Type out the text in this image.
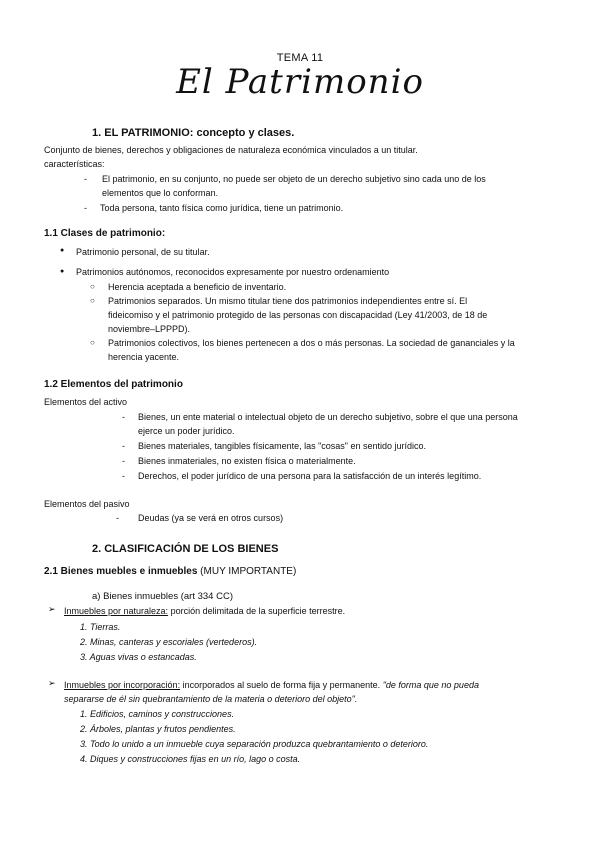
TEMA 11
El Patrimonio
1. EL PATRIMONIO: concepto y clases.
Conjunto de bienes, derechos y obligaciones de naturaleza económica vinculados a un titular.
características:
- El patrimonio, en su conjunto, no puede ser objeto de un derecho subjetivo sino cada uno de los
elementos que lo conforman.
- Toda persona, tanto física como jurídica, tiene un patrimonio.
1.1 Clases de patrimonio:
● Patrimonio personal, de su titular.
● Patrimonios autónomos, reconocidos expresamente por nuestro ordenamiento
○ Herencia aceptada a beneficio de inventario.
○ Patrimonios separados. Un mismo titular tiene dos patrimonios independientes entre sí. El
fideicomiso y el patrimonio protegido de las personas con discapacidad (Ley 41/2003, de 18 de
noviembre–LPPPD).
○ Patrimonios colectivos, los bienes pertenecen a dos o más personas. La sociedad de gananciales y la
herencia yacente.
1.2 Elementos del patrimonio
Elementos del activo
- Bienes, un ente material o intelectual objeto de un derecho subjetivo, sobre el que una persona
ejerce un poder jurídico.
- Bienes materiales, tangibles físicamente, las "cosas" en sentido jurídico.
- Bienes inmateriales, no existen física o materialmente.
- Derechos, el poder jurídico de una persona para la satisfacción de un interés legítimo.
Elementos del pasivo
- Deudas (ya se verá en otros cursos)
2. CLASIFICACIÓN DE LOS BIENES
2.1 Bienes muebles e inmuebles (MUY IMPORTANTE)
a) Bienes inmuebles (art 334 CC)
➢ Inmuebles por naturaleza: porción delimitada de la superficie terrestre.
1. Tierras.
2. Minas, canteras y escoriales (vertederos).
3. Aguas vivas o estancadas.
➢ Inmuebles por incorporación: incorporados al suelo de forma fija y permanente. "de forma que no pueda
separarse de él sin quebrantamiento de la materia o deterioro del objeto".
1. Edificios, caminos y construcciones.
2. Árboles, plantas y frutos pendientes.
3. Todo lo unido a un inmueble cuya separación produzca quebrantamiento o deterioro.
4. Diques y construcciones fijas en un río, lago o costa.
